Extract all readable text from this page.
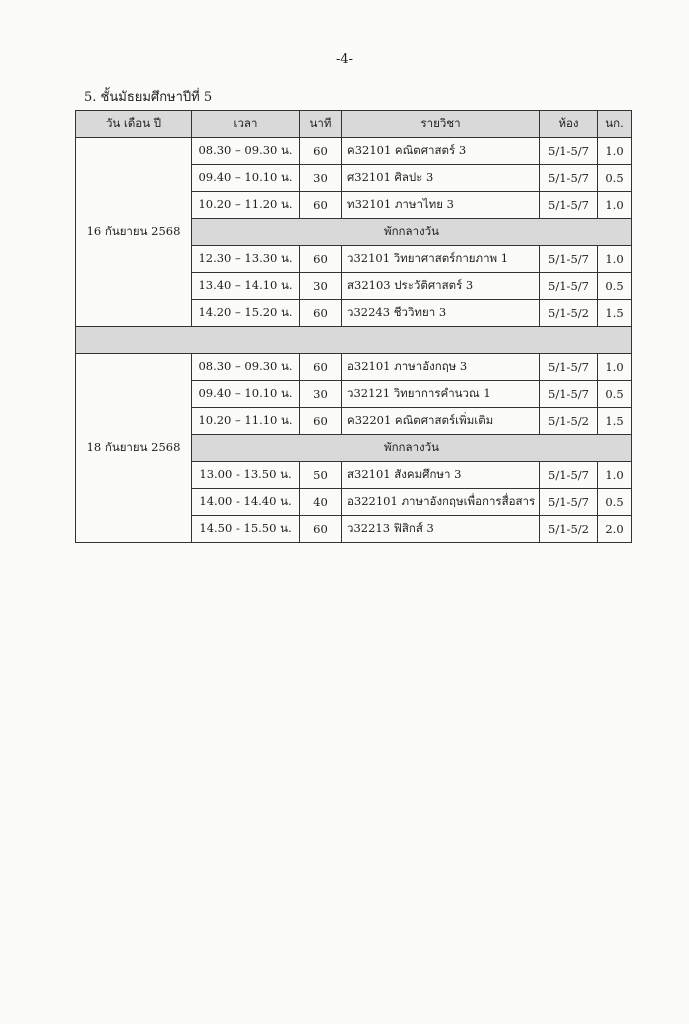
-4-
5. ชั้นมัธยมศึกษาปีที่ 5
วัน เดือน ปี	เวลา	นาที	รายวิชา	ห้อง	นก.
16 กันยายน 2568	08.30 – 09.30 น.	60	ค32101 คณิตศาสตร์ 3	5/1-5/7	1.0
	09.40 – 10.10 น.	30	ศ32101 ศิลปะ 3	5/1-5/7	0.5
	10.20 – 11.20 น.	60	ท32101 ภาษาไทย 3	5/1-5/7	1.0
	พักกลางวัน				
	12.30 – 13.30 น.	60	ว32101 วิทยาศาสตร์กายภาพ 1	5/1-5/7	1.0
	13.40 – 14.10 น.	30	ส32103 ประวัติศาสตร์ 3	5/1-5/7	0.5
	14.20 – 15.20 น.	60	ว32243 ชีววิทยา 3	5/1-5/2	1.5

18 กันยายน 2568	08.30 – 09.30 น.	60	อ32101 ภาษาอังกฤษ 3	5/1-5/7	1.0
	09.40 – 10.10 น.	30	ว32121 วิทยาการคำนวณ 1	5/1-5/7	0.5
	10.20 – 11.10 น.	60	ค32201 คณิตศาสตร์เพิ่มเติม	5/1-5/2	1.5
	พักกลางวัน				
	13.00 - 13.50 น.	50	ส32101 สังคมศึกษา 3	5/1-5/7	1.0
	14.00 - 14.40 น.	40	อ322101 ภาษาอังกฤษเพื่อการสื่อสาร	5/1-5/7	0.5
	14.50 - 15.50 น.	60	ว32213 ฟิสิกส์ 3	5/1-5/2	2.0
